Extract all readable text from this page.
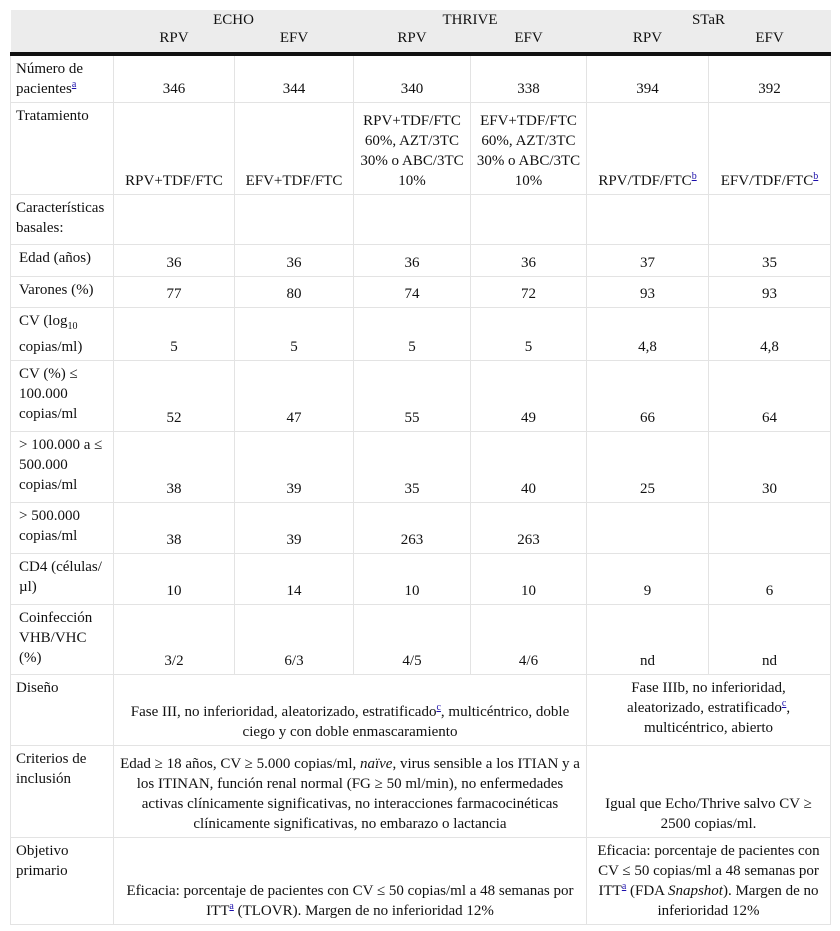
	ECHO		THRIVE		STaR	
	RPV	EFV	RPV	EFV	RPV	EFV
Número de pacientes$^a$	346	344	340	338	394	392
Tratamiento	RPV+TDF/FTC	EFV+TDF/FTC	RPV+TDF/FTC 60%, AZT/3TC 30% o ABC/3TC 10%	EFV+TDF/FTC 60%, AZT/3TC 30% o ABC/3TC 10%	RPV/TDF/FTC$^b$	EFV/TDF/FTC$^b$
Características basales:						
Edad (años)	36	36	36	36	37	35
Varones (%)	77	80	74	72	93	93
CV ($\log_{10}$ copias/ml)	5	5	5	5	4,8	4,8
CV (%) ≤ 100.000 copias/ml	52	47	55	49	66	64
> 100.000 a ≤ 500.000 copias/ml	38	39	35	40	25	30
> 500.000 copias/ml	38	39	263	263		
CD4 (células/µl)	10	14	10	10	9	6
Coinfección VHB/VHC (%)	3/2	6/3	4/5	4/6	nd	nd
Diseño	Fase III, no inferioridad, aleatorizado, estratificado$^c$, multicéntrico, doble ciego y con doble enmascaramiento				Fase IIIb, no inferioridad, aleatorizado, estratificado$^c$, multicéntrico, abierto	
Criterios de inclusión	Edad ≥ 18 años, CV ≥ 5.000 copias/ml, naïve, virus sensible a los ITIAN y a los ITINAN, función renal normal (FG ≥ 50 ml/min), no enfermedades activas clínicamente significativas, no interacciones farmacocinéticas clínicamente significativas, no embarazo o lactancia				Igual que Echo/Thrive salvo CV ≥ 2500 copias/ml.	
Objetivo primario	Eficacia: porcentaje de pacientes con CV ≤ 50 copias/ml a 48 semanas por ITT$^a$ (TLOVR). Margen de no inferioridad 12%				Eficacia: porcentaje de pacientes con CV ≤ 50 copias/ml a 48 semanas por ITT$^a$ (FDA Snapshot). Margen de no inferioridad 12%	
